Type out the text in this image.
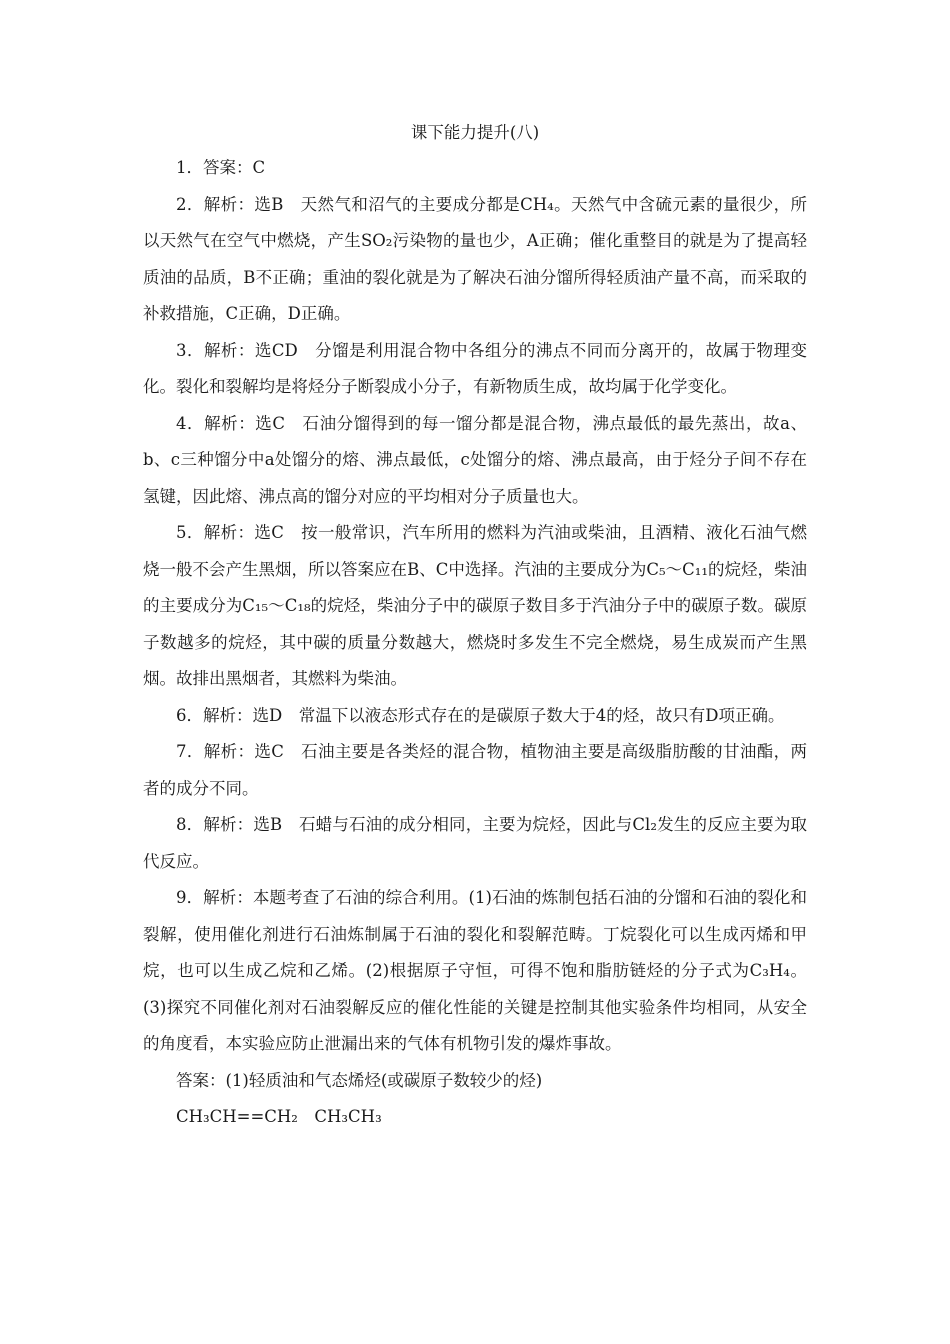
课下能力提升(八)

1．答案：C

2．解析：选B　天然气和沼气的主要成分都是CH₄。天然气中含硫元素的量很少，所以天然气在空气中燃烧，产生SO₂污染物的量也少，A正确；催化重整目的就是为了提高轻质油的品质，B不正确；重油的裂化就是为了解决石油分馏所得轻质油产量不高，而采取的补救措施，C正确，D正确。

3．解析：选CD　分馏是利用混合物中各组分的沸点不同而分离开的，故属于物理变化。裂化和裂解均是将烃分子断裂成小分子，有新物质生成，故均属于化学变化。

4．解析：选C　石油分馏得到的每一馏分都是混合物，沸点最低的最先蒸出，故a、b、c三种馏分中a处馏分的熔、沸点最低，c处馏分的熔、沸点最高，由于烃分子间不存在氢键，因此熔、沸点高的馏分对应的平均相对分子质量也大。

5．解析：选C　按一般常识，汽车所用的燃料为汽油或柴油，且酒精、液化石油气燃烧一般不会产生黑烟，所以答案应在B、C中选择。汽油的主要成分为C₅～C₁₁的烷烃，柴油的主要成分为C₁₅～C₁₈的烷烃，柴油分子中的碳原子数目多于汽油分子中的碳原子数。碳原子数越多的烷烃，其中碳的质量分数越大，燃烧时多发生不完全燃烧，易生成炭而产生黑烟。故排出黑烟者，其燃料为柴油。

6．解析：选D　常温下以液态形式存在的是碳原子数大于4的烃，故只有D项正确。

7．解析：选C　石油主要是各类烃的混合物，植物油主要是高级脂肪酸的甘油酯，两者的成分不同。

8．解析：选B　石蜡与石油的成分相同，主要为烷烃，因此与Cl₂发生的反应主要为取代反应。

9．解析：本题考查了石油的综合利用。(1)石油的炼制包括石油的分馏和石油的裂化和裂解，使用催化剂进行石油炼制属于石油的裂化和裂解范畴。丁烷裂化可以生成丙烯和甲烷，也可以生成乙烷和乙烯。(2)根据原子守恒，可得不饱和脂肪链烃的分子式为C₃H₄。(3)探究不同催化剂对石油裂解反应的催化性能的关键是控制其他实验条件均相同，从安全的角度看，本实验应防止泄漏出来的气体有机物引发的爆炸事故。

答案：(1)轻质油和气态烯烃(或碳原子数较少的烃)

CH₃CH==CH₂　CH₃CH₃
